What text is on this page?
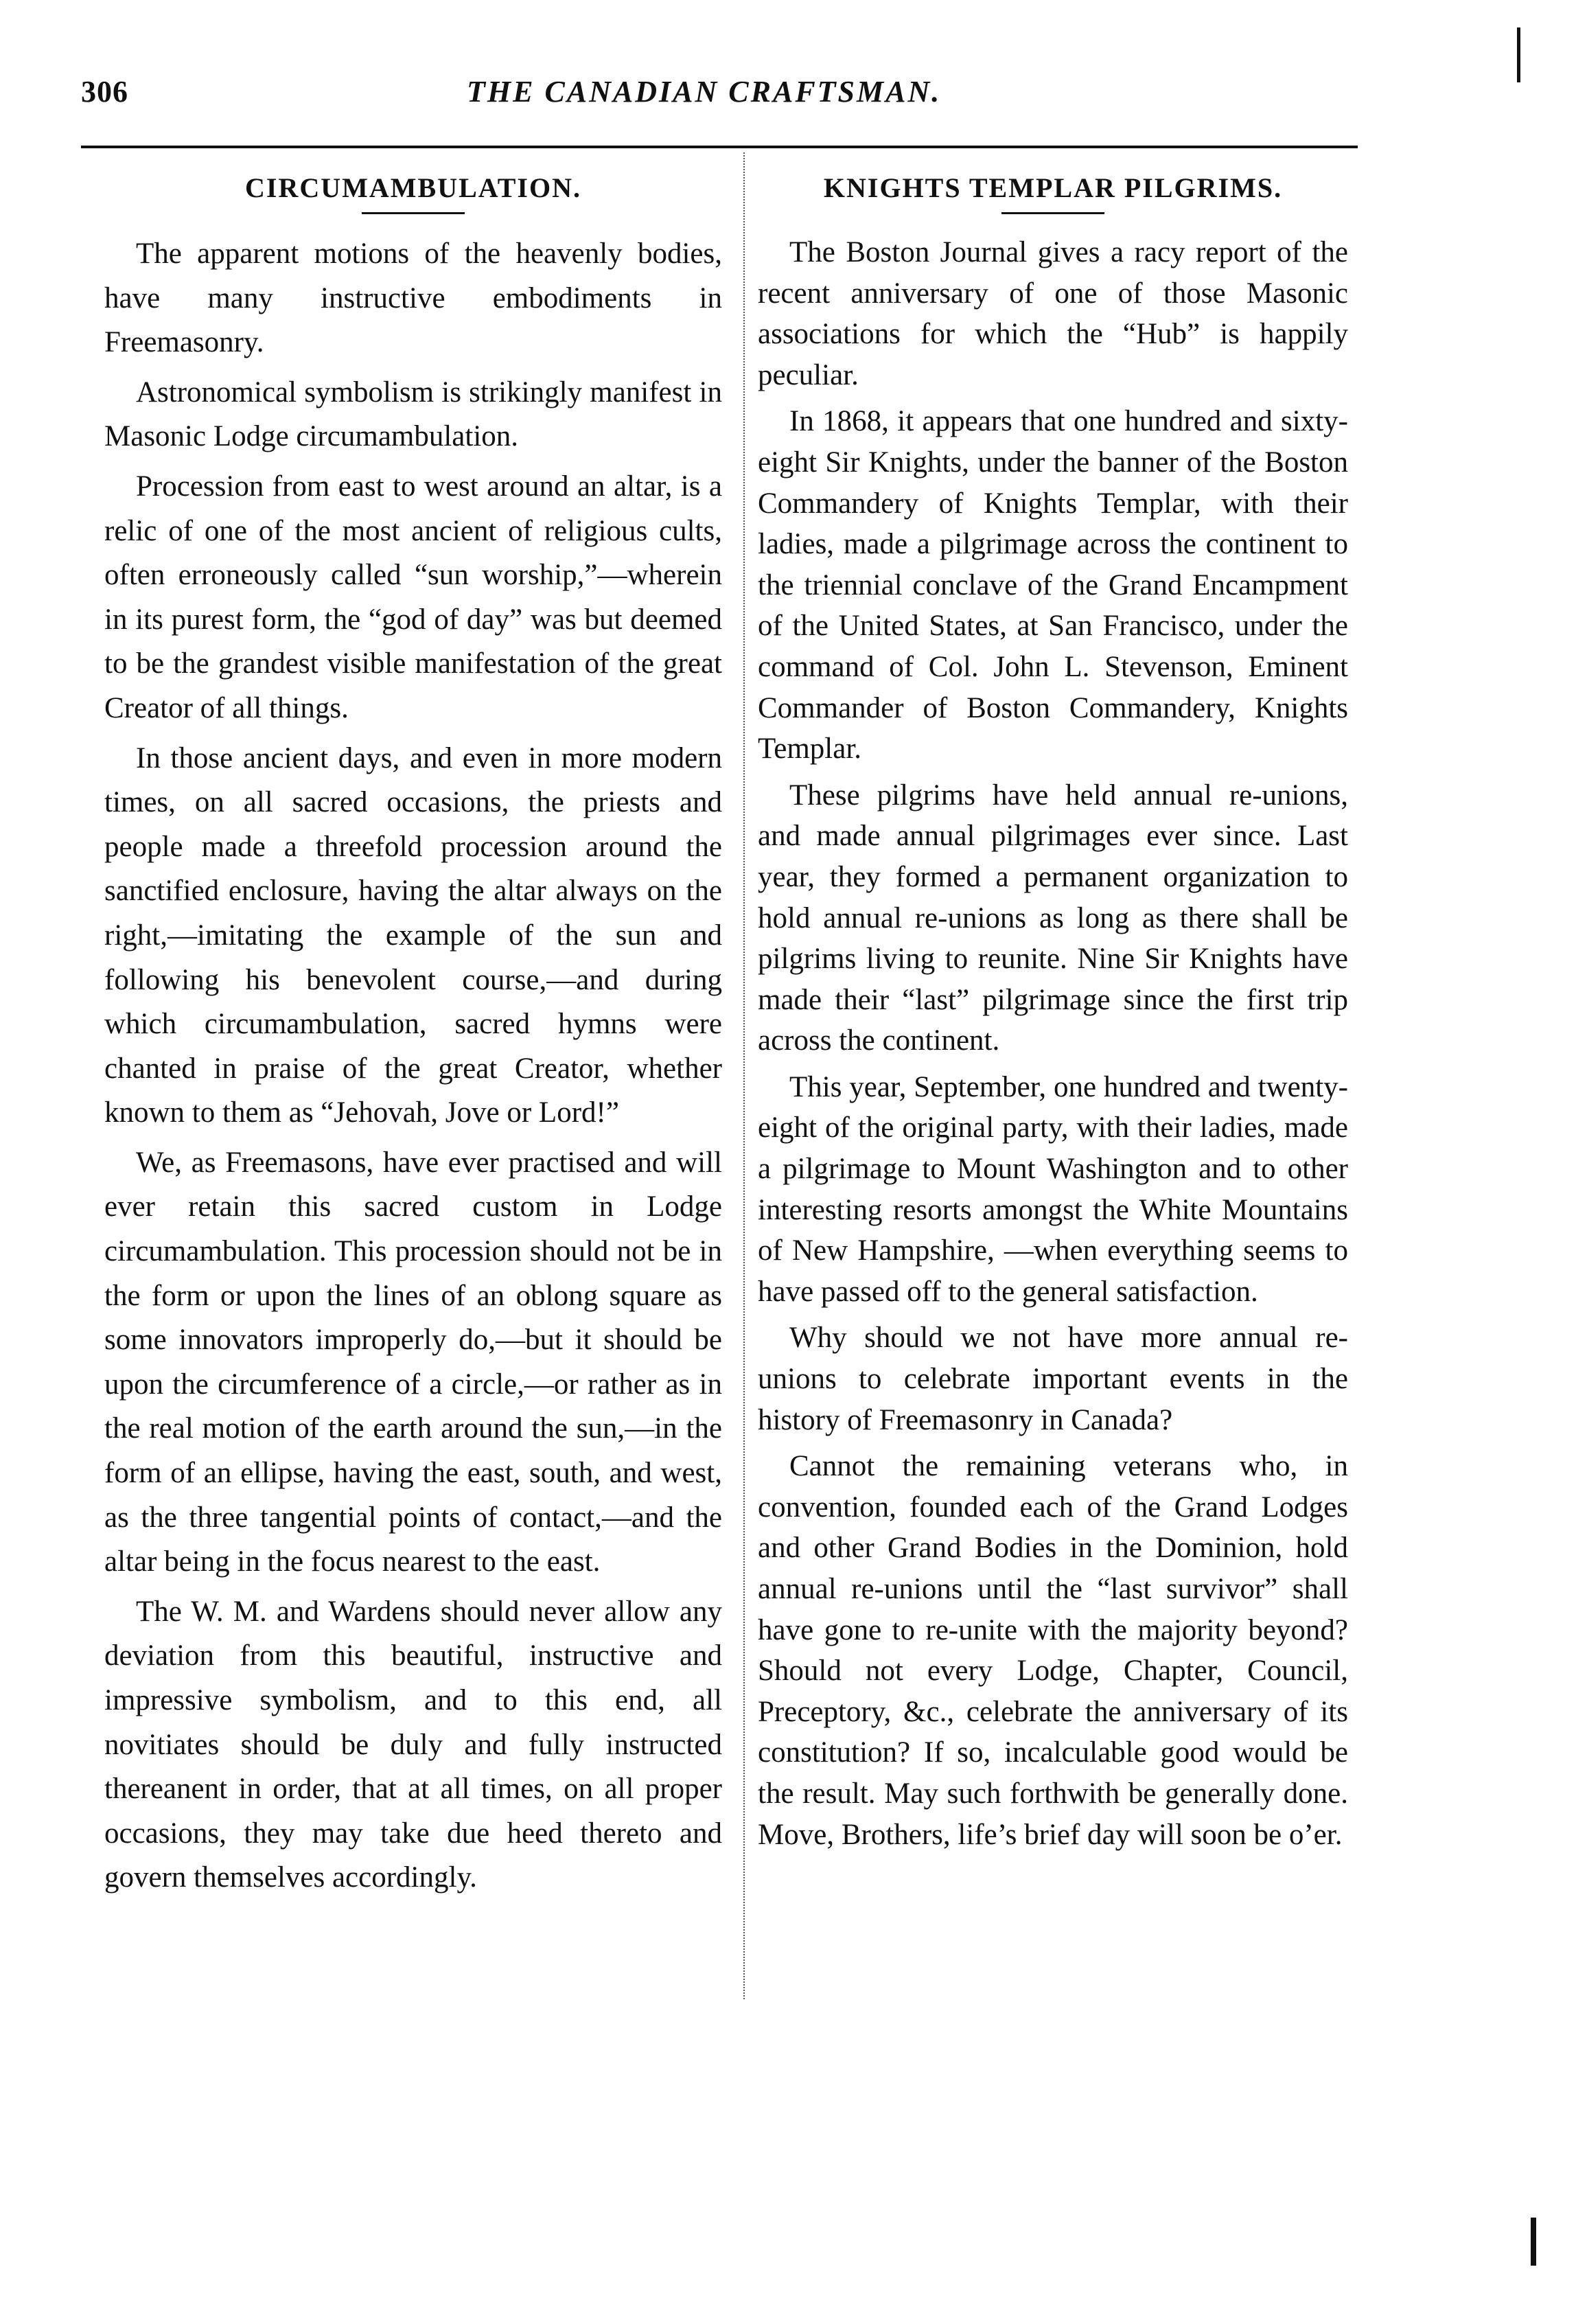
306	THE CANADIAN CRAFTSMAN.
CIRCUMAMBULATION.

The apparent motions of the heavenly bodies, have many instructive embodiments in Freemasonry.

Astronomical symbolism is strikingly manifest in Masonic Lodge circumambulation.

Procession from east to west around an altar, is a relic of one of the most ancient of religious cults, often erroneously called “sun worship,”—wherein in its purest form, the “god of day” was but deemed to be the grandest visible manifestation of the great Creator of all things.

In those ancient days, and even in more modern times, on all sacred occasions, the priests and people made a threefold procession around the sanctified enclosure, having the altar always on the right,—imitating the example of the sun and following his benevolent course,—and during which circumambulation, sacred hymns were chanted in praise of the great Creator, whether known to them as “Jehovah, Jove or Lord!”

We, as Freemasons, have ever practised and will ever retain this sacred custom in Lodge circumambulation. This procession should not be in the form or upon the lines of an oblong square as some innovators improperly do,—but it should be upon the circumference of a circle,—or rather as in the real motion of the earth around the sun,—in the form of an ellipse, having the east, south, and west, as the three tangential points of contact,—and the altar being in the focus nearest to the east.

The W. M. and Wardens should never allow any deviation from this beautiful, instructive and impressive symbolism, and to this end, all novitiates should be duly and fully instructed thereanent in order, that at all times, on all proper occasions, they may take due heed thereto and govern themselves accordingly.

KNIGHTS TEMPLAR PILGRIMS.

The Boston Journal gives a racy report of the recent anniversary of one of those Masonic associations for which the “Hub” is happily peculiar.

In 1868, it appears that one hundred and sixty-eight Sir Knights, under the banner of the Boston Commandery of Knights Templar, with their ladies, made a pilgrimage across the continent to the triennial conclave of the Grand Encampment of the United States, at San Francisco, under the command of Col. John L. Stevenson, Eminent Commander of Boston Commandery, Knights Templar.

These pilgrims have held annual re-unions, and made annual pilgrimages ever since. Last year, they formed a permanent organization to hold annual re-unions as long as there shall be pilgrims living to reunite. Nine Sir Knights have made their “last” pilgrimage since the first trip across the continent.

This year, September, one hundred and twenty-eight of the original party, with their ladies, made a pilgrimage to Mount Washington and to other interesting resorts amongst the White Mountains of New Hampshire, —when everything seems to have passed off to the general satisfaction.

Why should we not have more annual re-unions to celebrate important events in the history of Freemasonry in Canada?

Cannot the remaining veterans who, in convention, founded each of the Grand Lodges and other Grand Bodies in the Dominion, hold annual re-unions until the “last survivor” shall have gone to re-unite with the majority beyond? Should not every Lodge, Chapter, Council, Preceptory, &c., celebrate the anniversary of its constitution? If so, incalculable good would be the result. May such forthwith be generally done. Move, Brothers, life’s brief day will soon be o’er.
